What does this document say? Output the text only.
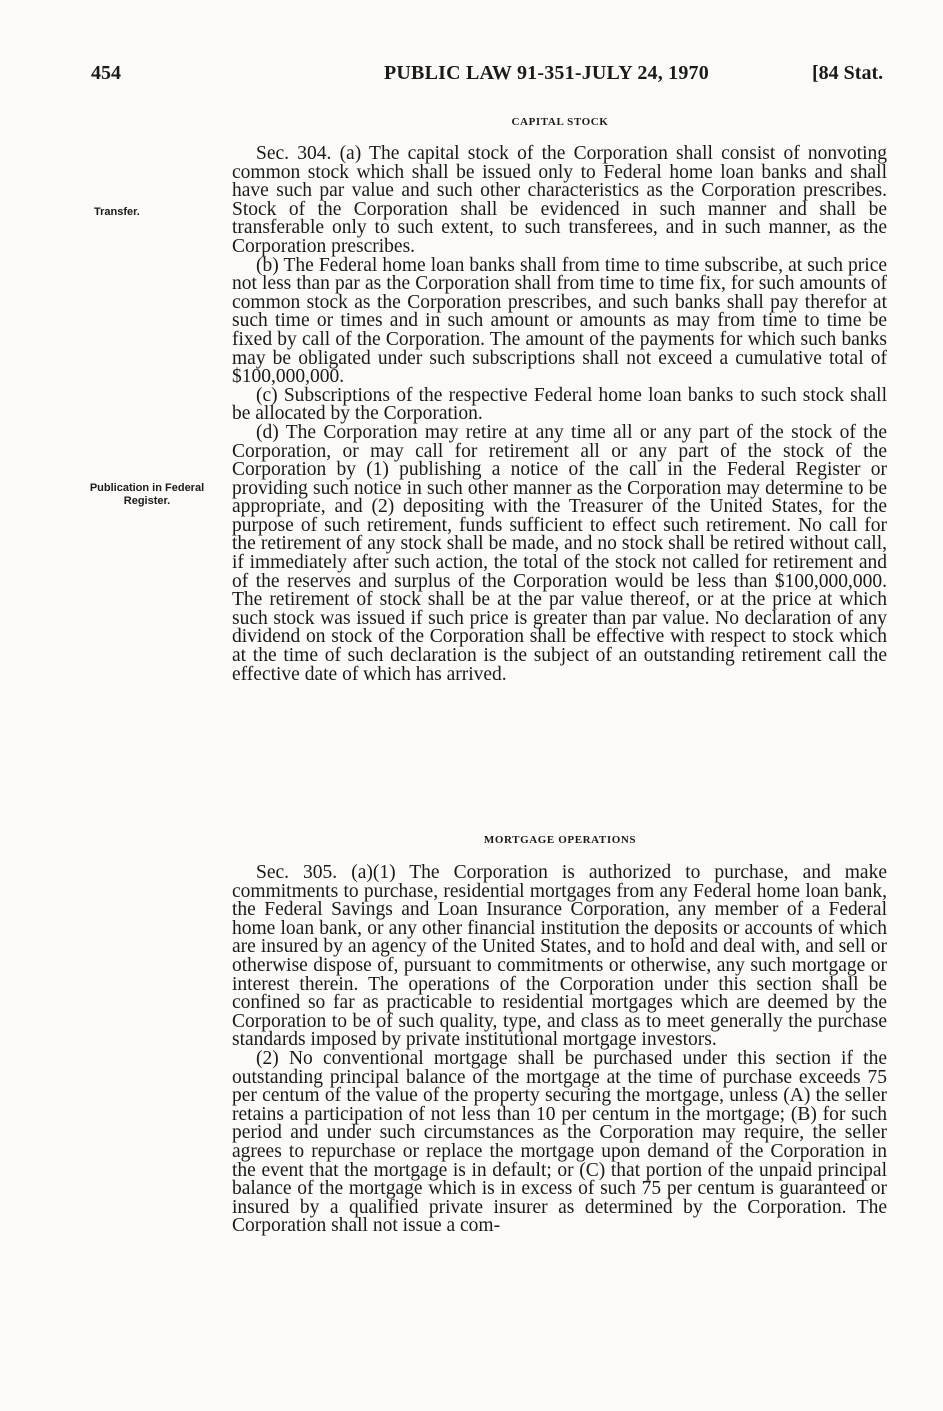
454	PUBLIC LAW 91-351-JULY 24, 1970	[84 Stat.
CAPITAL STOCK
Transfer.
Publication in Federal Register.

Sec. 304. (a) The capital stock of the Corporation shall consist of nonvoting common stock which shall be issued only to Federal home loan banks and shall have such par value and such other characteristics as the Corporation prescribes. Stock of the Corporation shall be evidenced in such manner and shall be transferable only to such extent, to such transferees, and in such manner, as the Corporation prescribes.

(b) The Federal home loan banks shall from time to time subscribe, at such price not less than par as the Corporation shall from time to time fix, for such amounts of common stock as the Corporation prescribes, and such banks shall pay therefor at such time or times and in such amount or amounts as may from time to time be fixed by call of the Corporation. The amount of the payments for which such banks may be obligated under such subscriptions shall not exceed a cumulative total of $100,000,000.

(c) Subscriptions of the respective Federal home loan banks to such stock shall be allocated by the Corporation.

(d) The Corporation may retire at any time all or any part of the stock of the Corporation, or may call for retirement all or any part of the stock of the Corporation by (1) publishing a notice of the call in the Federal Register or providing such notice in such other manner as the Corporation may determine to be appropriate, and (2) depositing with the Treasurer of the United States, for the purpose of such retirement, funds sufficient to effect such retirement. No call for the retirement of any stock shall be made, and no stock shall be retired without call, if immediately after such action, the total of the stock not called for retirement and of the reserves and surplus of the Corporation would be less than $100,000,000. The retirement of stock shall be at the par value thereof, or at the price at which such stock was issued if such price is greater than par value. No declaration of any dividend on stock of the Corporation shall be effective with respect to stock which at the time of such declaration is the subject of an outstanding retirement call the effective date of which has arrived.

MORTGAGE OPERATIONS

Sec. 305. (a)(1) The Corporation is authorized to purchase, and make commitments to purchase, residential mortgages from any Federal home loan bank, the Federal Savings and Loan Insurance Corporation, any member of a Federal home loan bank, or any other financial institution the deposits or accounts of which are insured by an agency of the United States, and to hold and deal with, and sell or otherwise dispose of, pursuant to commitments or otherwise, any such mortgage or interest therein. The operations of the Corporation under this section shall be confined so far as practicable to residential mortgages which are deemed by the Corporation to be of such quality, type, and class as to meet generally the purchase standards imposed by private institutional mortgage investors.

(2) No conventional mortgage shall be purchased under this section if the outstanding principal balance of the mortgage at the time of purchase exceeds 75 per centum of the value of the property securing the mortgage, unless (A) the seller retains a participation of not less than 10 per centum in the mortgage; (B) for such period and under such circumstances as the Corporation may require, the seller agrees to repurchase or replace the mortgage upon demand of the Corporation in the event that the mortgage is in default; or (C) that portion of the unpaid principal balance of the mortgage which is in excess of such 75 per centum is guaranteed or insured by a qualified private insurer as determined by the Corporation. The Corporation shall not issue a com-
